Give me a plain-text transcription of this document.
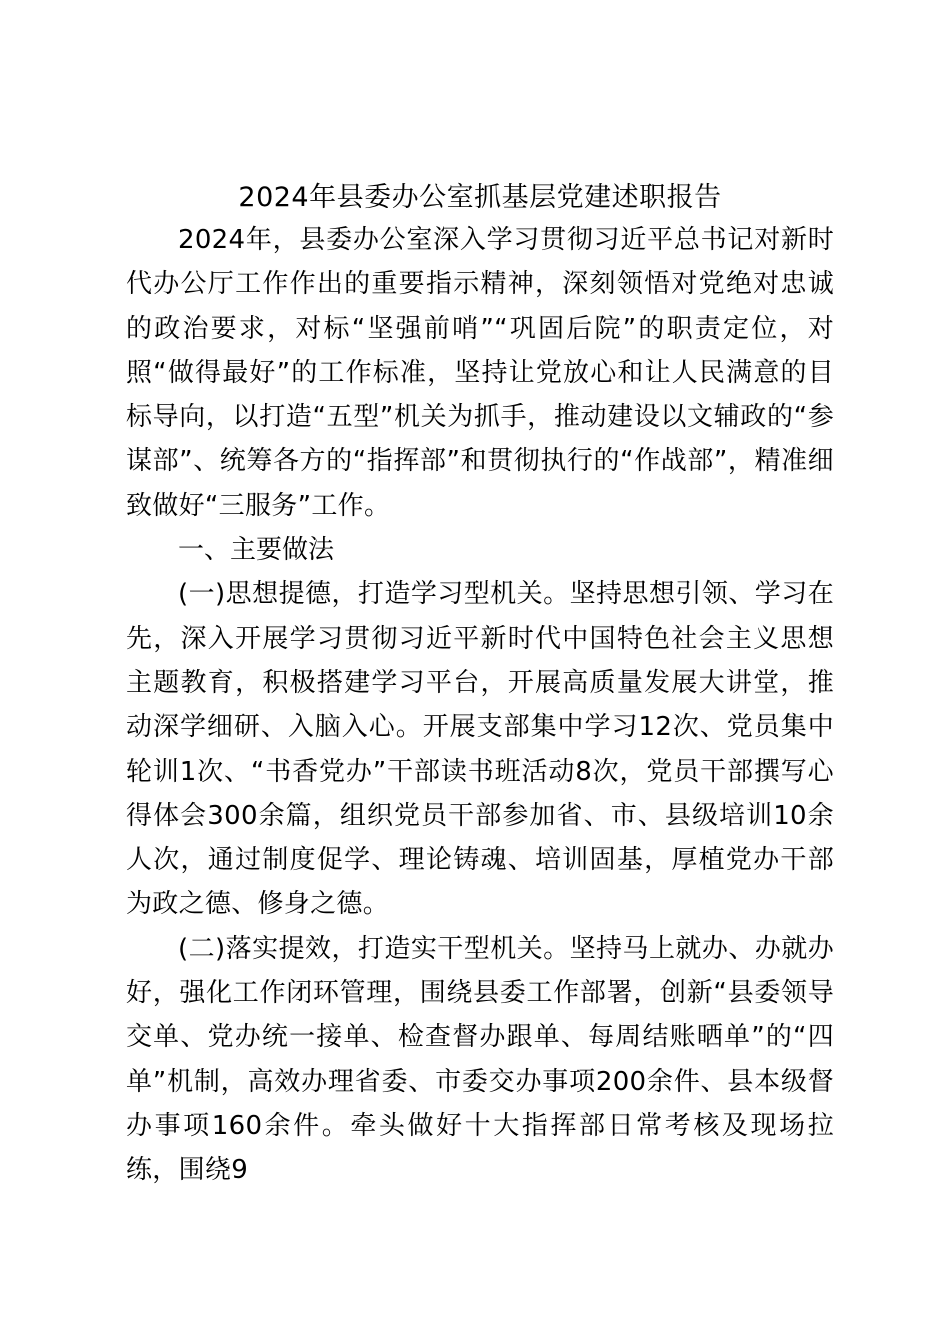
2024年县委办公室抓基层党建述职报告

2024年，县委办公室深入学习贯彻习近平总书记对新时代办公厅工作作出的重要指示精神，深刻领悟对党绝对忠诚的政治要求，对标“坚强前哨”“巩固后院”的职责定位，对照“做得最好”的工作标准，坚持让党放心和让人民满意的目标导向，以打造“五型”机关为抓手，推动建设以文辅政的“参谋部”、统筹各方的“指挥部”和贯彻执行的“作战部”，精准细致做好“三服务”工作。

一、主要做法

(一)思想提德，打造学习型机关。坚持思想引领、学习在先，深入开展学习贯彻习近平新时代中国特色社会主义思想主题教育，积极搭建学习平台，开展高质量发展大讲堂，推动深学细研、入脑入心。开展支部集中学习12次、党员集中轮训1次、“书香党办”干部读书班活动8次，党员干部撰写心得体会300余篇，组织党员干部参加省、市、县级培训10余人次，通过制度促学、理论铸魂、培训固基，厚植党办干部为政之德、修身之德。

(二)落实提效，打造实干型机关。坚持马上就办、办就办好，强化工作闭环管理，围绕县委工作部署，创新“县委领导交单、党办统一接单、检查督办跟单、每周结账晒单”的“四单”机制，高效办理省委、市委交办事项200余件、县本级督办事项160余件。牵头做好十大指挥部日常考核及现场拉练，围绕9
